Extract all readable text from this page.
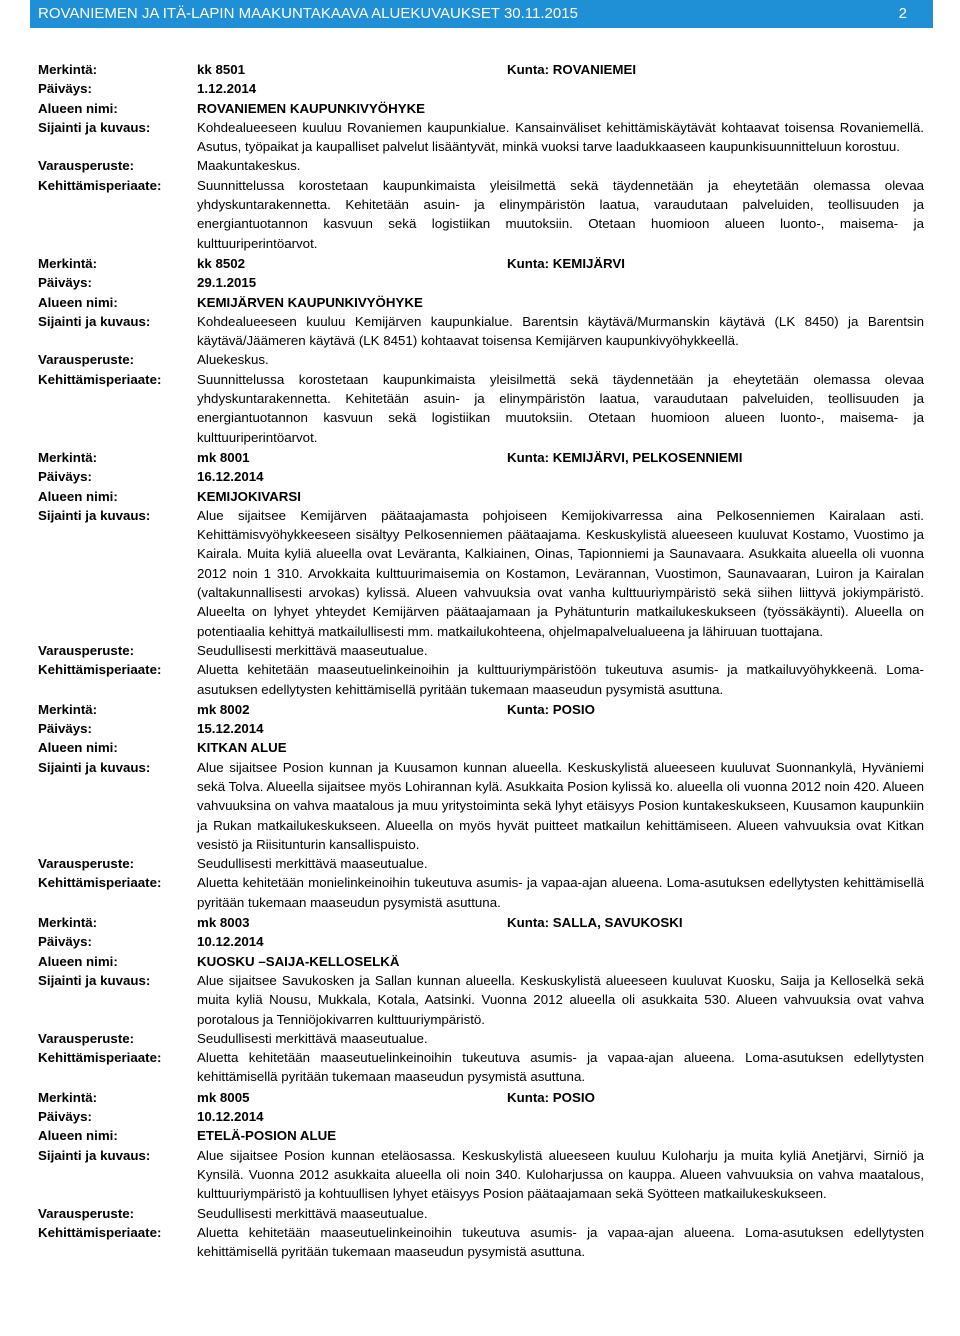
ROVANIEMEN JA ITÄ-LAPIN MAAKUNTAKAAVA ALUEKUVAUKSET 30.11.2015	2
Merkintä:	kk 8501	Kunta: ROVANIEMEI
Päiväys:	1.12.2014
Alueen nimi:	ROVANIEMEN KAUPUNKIVYÖHYKE
Sijainti ja kuvaus:	Kohdealueeseen kuuluu Rovaniemen kaupunkialue. Kansainväliset kehittämiskäytävät kohtaavat toisensa Rovaniemellä. Asutus, työpaikat ja kaupalliset palvelut lisääntyvät, minkä vuoksi tarve laadukkaaseen kaupunkisuunnitteluun korostuu.
Varausperuste:	Maakuntakeskus.
Kehittämisperiaate:	Suunnittelussa korostetaan kaupunkimaista yleisilmettä sekä täydennetään ja eheytetään olemassa olevaa yhdyskuntarakennetta. Kehitetään asuin- ja elinympäristön laatua, varaudutaan palveluiden, teollisuuden ja energiantuotannon kasvuun sekä logistiikan muutoksiin. Otetaan huomioon alueen luonto-, maisema- ja kulttuuriperintöarvot.
Merkintä:	kk 8502	Kunta: KEMIJÄRVI
Päiväys:	29.1.2015
Alueen nimi:	KEMIJÄRVEN KAUPUNKIVYÖHYKE
Sijainti ja kuvaus:	Kohdealueeseen kuuluu Kemijärven kaupunkialue. Barentsin käytävä/Murmanskin käytävä (LK 8450) ja Barentsin käytävä/Jäämeren käytävä (LK 8451) kohtaavat toisensa Kemijärven kaupunkivyöhykkeellä.
Varausperuste:	Aluekeskus.
Kehittämisperiaate:	Suunnittelussa korostetaan kaupunkimaista yleisilmettä sekä täydennetään ja eheytetään olemassa olevaa yhdyskuntarakennetta. Kehitetään asuin- ja elinympäristön laatua, varaudutaan palveluiden, teollisuuden ja energiantuotannon kasvuun sekä logistiikan muutoksiin. Otetaan huomioon alueen luonto-, maisema- ja kulttuuriperintöarvot.
Merkintä:	mk 8001	Kunta: KEMIJÄRVI, PELKOSENNIEMI
Päiväys:	16.12.2014
Alueen nimi:	KEMIJOKIVARSI
Sijainti ja kuvaus:	Alue sijaitsee Kemijärven päätaajamasta pohjoiseen Kemijokivarressa aina Pelkosenniemen Kairalaan asti. Kehittämisvyöhykkeeseen sisältyy Pelkosenniemen päätaajama. Keskuskylistä alueeseen kuuluvat Kostamo, Vuostimo ja Kairala. Muita kyliä alueella ovat Leväranta, Kalkiainen, Oinas, Tapionniemi ja Saunavaara. Asukkaita alueella oli vuonna 2012 noin 1 310. Arvokkaita kulttuurimaisemia on Kostamon, Levärannan, Vuostimon, Saunavaaran, Luiron ja Kairalan (valtakunnallisesti arvokas) kylissä. Alueen vahvuuksia ovat vanha kulttuuriympäristö sekä siihen liittyvä jokiympäristö. Alueelta on lyhyet yhteydet Kemijärven päätaajamaan ja Pyhätunturin matkailukeskukseen (työssäkäynti). Alueella on potentiaalia kehittyä matkailullisesti mm. matkailukohteena, ohjelmapalvelualueena ja lähiruuan tuottajana.
Varausperuste:	Seudullisesti merkittävä maaseutualue.
Kehittämisperiaate:	Aluetta kehitetään maaseutuelinkeinoihin ja kulttuuriympäristöön tukeutuva asumis- ja matkailuvyöhykkeenä. Loma-asutuksen edellytysten kehittämisellä pyritään tukemaan maaseudun pysymistä asuttuna.
Merkintä:	mk 8002	Kunta: POSIO
Päiväys:	15.12.2014
Alueen nimi:	KITKAN ALUE
Sijainti ja kuvaus:	Alue sijaitsee Posion kunnan ja Kuusamon kunnan alueella. Keskuskylistä alueeseen kuuluvat Suonnankylä, Hyväniemi sekä Tolva. Alueella sijaitsee myös Lohirannan kylä. Asukkaita Posion kylissä ko. alueella oli vuonna 2012 noin 420. Alueen vahvuuksina on vahva maatalous ja muu yritystoiminta sekä lyhyt etäisyys Posion kuntakeskukseen, Kuusamon kaupunkiin ja Rukan matkailukeskukseen. Alueella on myös hyvät puitteet matkailun kehittämiseen. Alueen vahvuuksia ovat Kitkan vesistö ja Riisitunturin kansallispuisto.
Varausperuste:	Seudullisesti merkittävä maaseutualue.
Kehittämisperiaate:	Aluetta kehitetään monielinkeinoihin tukeutuva asumis- ja vapaa-ajan alueena. Loma-asutuksen edellytysten kehittämisellä pyritään tukemaan maaseudun pysymistä asuttuna.
Merkintä:	mk 8003	Kunta: SALLA, SAVUKOSKI
Päiväys:	10.12.2014
Alueen nimi:	KUOSKU –SAIJA-KELLOSELKÄ
Sijainti ja kuvaus:	Alue sijaitsee Savukosken ja Sallan kunnan alueella. Keskuskylistä alueeseen kuuluvat Kuosku, Saija ja Kelloselkä sekä muita kyliä Nousu, Mukkala, Kotala, Aatsinki. Vuonna 2012 alueella oli asukkaita 530. Alueen vahvuuksia ovat vahva porotalous ja Tenniöjokivarren kulttuuriympäristö.
Varausperuste:	Seudullisesti merkittävä maaseutualue.
Kehittämisperiaate:	Aluetta kehitetään maaseutuelinkeinoihin tukeutuva asumis- ja vapaa-ajan alueena. Loma-asutuksen edellytysten kehittämisellä pyritään tukemaan maaseudun pysymistä asuttuna.
Merkintä:	mk 8005	Kunta: POSIO
Päiväys:	10.12.2014
Alueen nimi:	ETELÄ-POSION ALUE
Sijainti ja kuvaus:	Alue sijaitsee Posion kunnan eteläosassa. Keskuskylistä alueeseen kuuluu Kuloharju ja muita kyliä Anetjärvi, Sirniö ja Kynsilä. Vuonna 2012 asukkaita alueella oli noin 340. Kuloharjussa on kauppa. Alueen vahvuuksia on vahva maatalous, kulttuuriympäristö ja kohtuullisen lyhyet etäisyys Posion päätaajamaan sekä Syötteen matkailukeskukseen.
Varausperuste:	Seudullisesti merkittävä maaseutualue.
Kehittämisperiaate:	Aluetta kehitetään maaseutuelinkeinoihin tukeutuva asumis- ja vapaa-ajan alueena. Loma-asutuksen edellytysten kehittämisellä pyritään tukemaan maaseudun pysymistä asuttuna.
